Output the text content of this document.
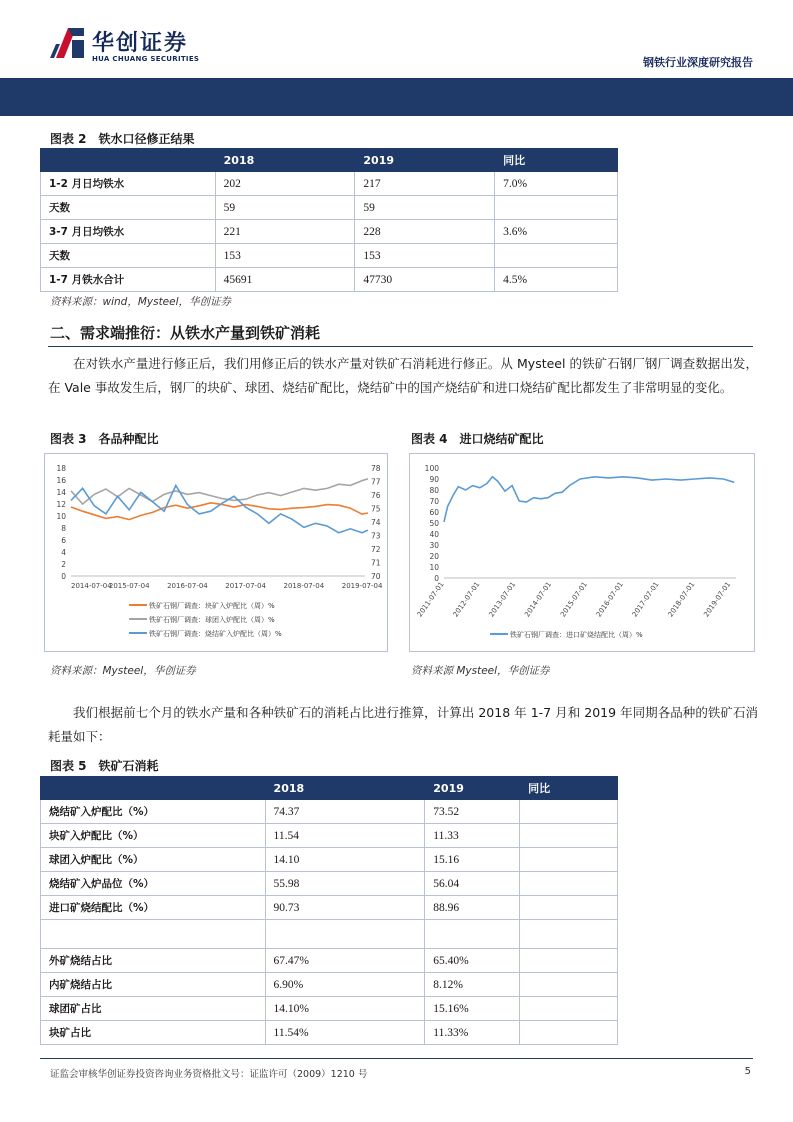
华创证券
HUA CHUANG SECURITIES	钢铁行业深度研究报告
图表 2 铁水口径修正结果
	2018	2019	同比
1-2 月日均铁水	202	217	7.0%
天数	59	59	
3-7 月日均铁水	221	228	3.6%
天数	153	153	
1-7 月铁水合计	45691	47730	4.5%
资料来源：wind，Mysteel，华创证券
二、需求端推衍：从铁水产量到铁矿消耗
在对铁水产量进行修正后，我们用修正后的铁水产量对铁矿石消耗进行修正。从 Mysteel 的铁矿石钢厂钢厂调查数据出发，在 Vale 事故发生后，钢厂的块矿、球团、烧结矿配比，烧结矿中的国产烧结矿和进口烧结矿配比都发生了非常明显的变化。
图表 3 各品种配比
0
2
4
6
8
10
12
14
16
18
70
71
72
73
74
75
76
77
78
2014-07-04
2015-07-04	2016-07-04	2017-07-04	2018-07-04	2019-07-04
铁矿石钢厂调查：块矿入炉配比（周）%
铁矿石钢厂调查：球团入炉配比（周）%
铁矿石钢厂调查：烧结矿入炉配比（周）%
资料来源：Mysteel，华创证券
图表 4 进口烧结矿配比
0
10
20
30
40
50
60
70
80
90
100
2011-07-01 2012-07-01 2013-07-01 2014-07-01 2015-07-01 2016-07-01 2017-07-01 2018-07-01 2019-07-01
铁矿石钢厂调查：进口矿烧结配比（周）%
资料来源 Mysteel，华创证券
我们根据前七个月的铁水产量和各种铁矿石的消耗占比进行推算，计算出 2018 年 1-7 月和 2019 年同期各品种的铁矿石消耗量如下：
图表 5 铁矿石消耗
	2018	2019	同比
烧结矿入炉配比（%）	74.37	73.52	
块矿入炉配比（%）	11.54	11.33	
球团入炉配比（%）	14.10	15.16	
烧结矿入炉品位（%）	55.98	56.04	
进口矿烧结配比（%）	90.73	88.96	

外矿烧结占比	67.47%	65.40%	
内矿烧结占比	6.90%	8.12%	
球团矿占比	14.10%	15.16%	
块矿占比	11.54%	11.33%	
证监会审核华创证券投资咨询业务资格批文号：证监许可（2009）1210 号	5
